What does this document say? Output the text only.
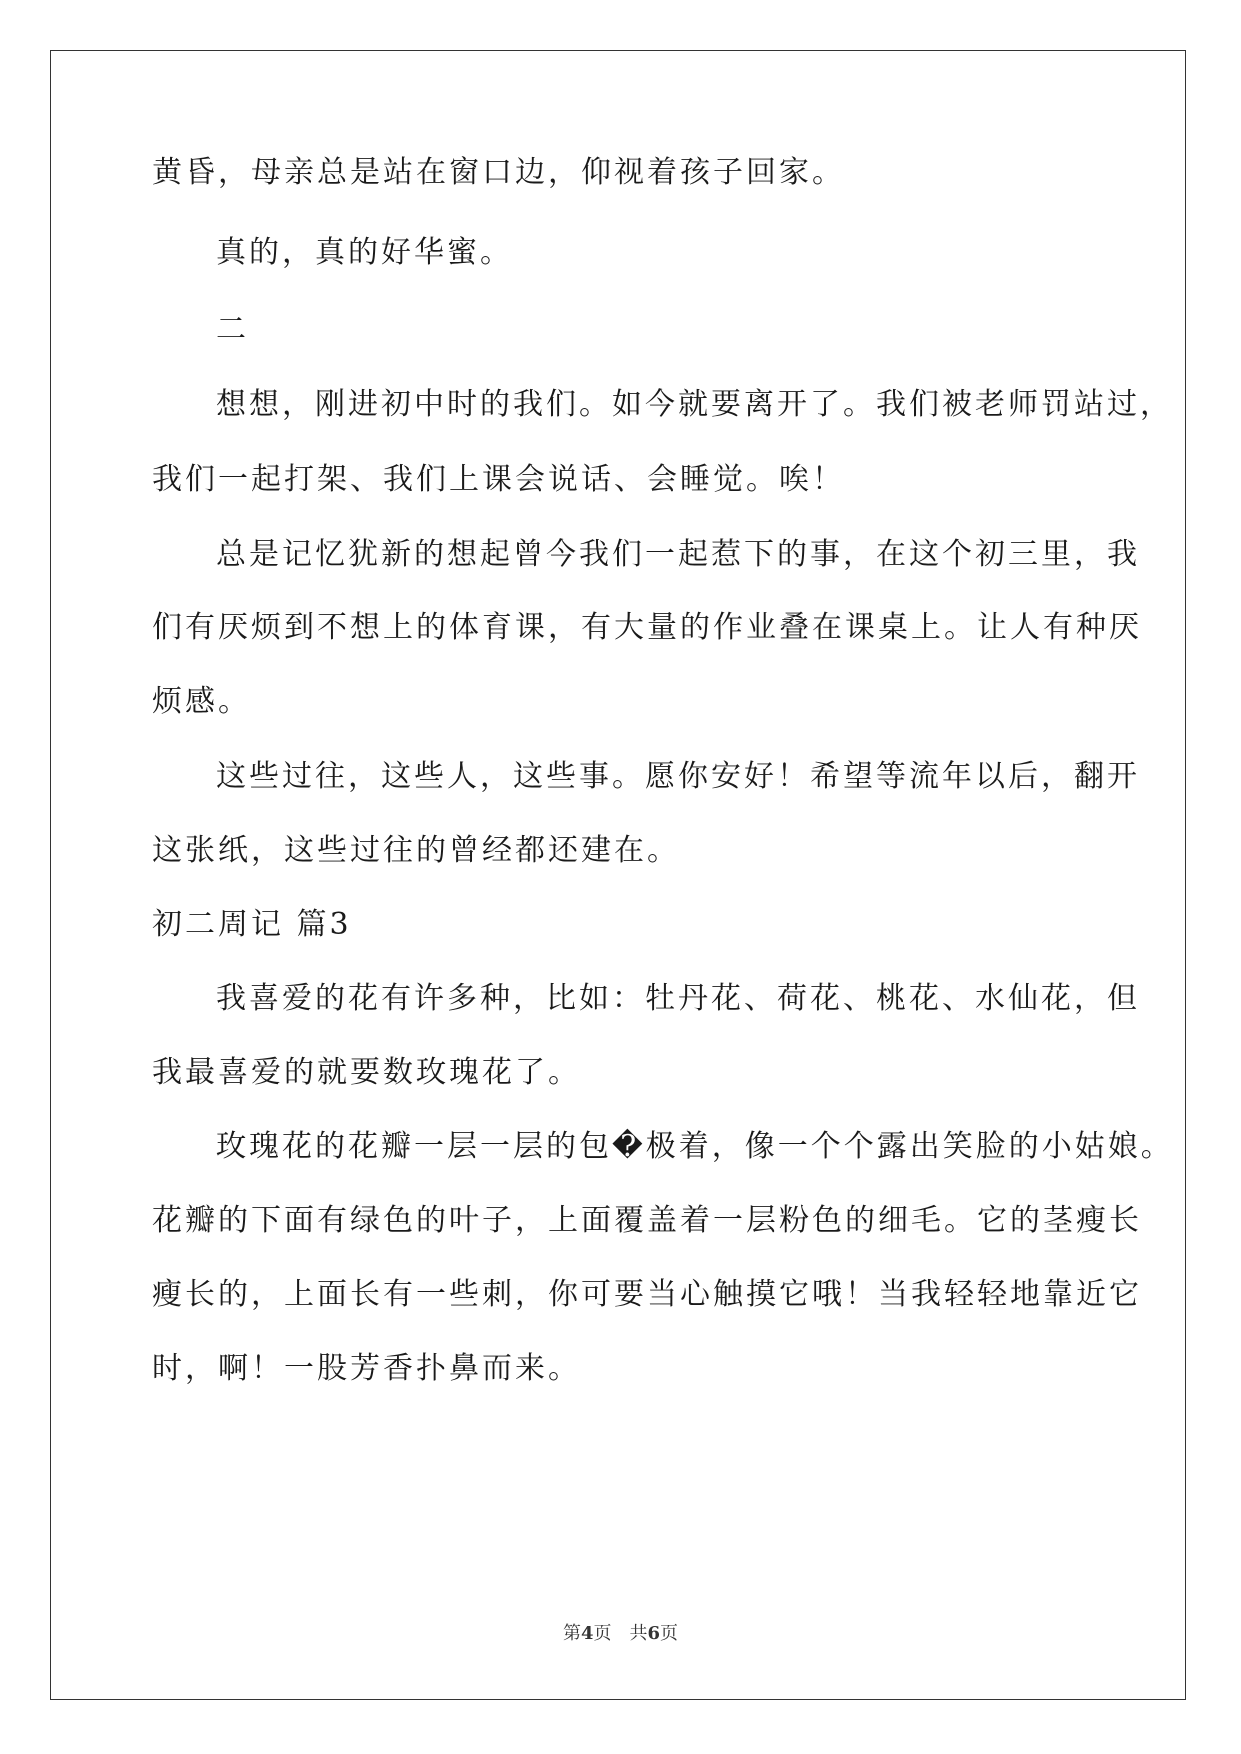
黄昏，母亲总是站在窗口边，仰视着孩子回家。
真的，真的好华蜜。
二
想想，刚进初中时的我们。如今就要离开了。我们被老师罚站过，
我们一起打架、我们上课会说话、会睡觉。唉！
总是记忆犹新的想起曾今我们一起惹下的事，在这个初三里，我
们有厌烦到不想上的体育课，有大量的作业叠在课桌上。让人有种厌
烦感。
这些过往，这些人，这些事。愿你安好！希望等流年以后，翻开
这张纸，这些过往的曾经都还建在。
初二周记 篇3
我喜爱的花有许多种，比如：牡丹花、荷花、桃花、水仙花，但
我最喜爱的就要数玫瑰花了。
玫瑰花的花瓣一层一层的包�极着，像一个个露出笑脸的小姑娘。
花瓣的下面有绿色的叶子，上面覆盖着一层粉色的细毛。它的茎瘦长
瘦长的，上面长有一些刺，你可要当心触摸它哦！当我轻轻地靠近它
时，啊！一股芳香扑鼻而来。
第4页 共6页
